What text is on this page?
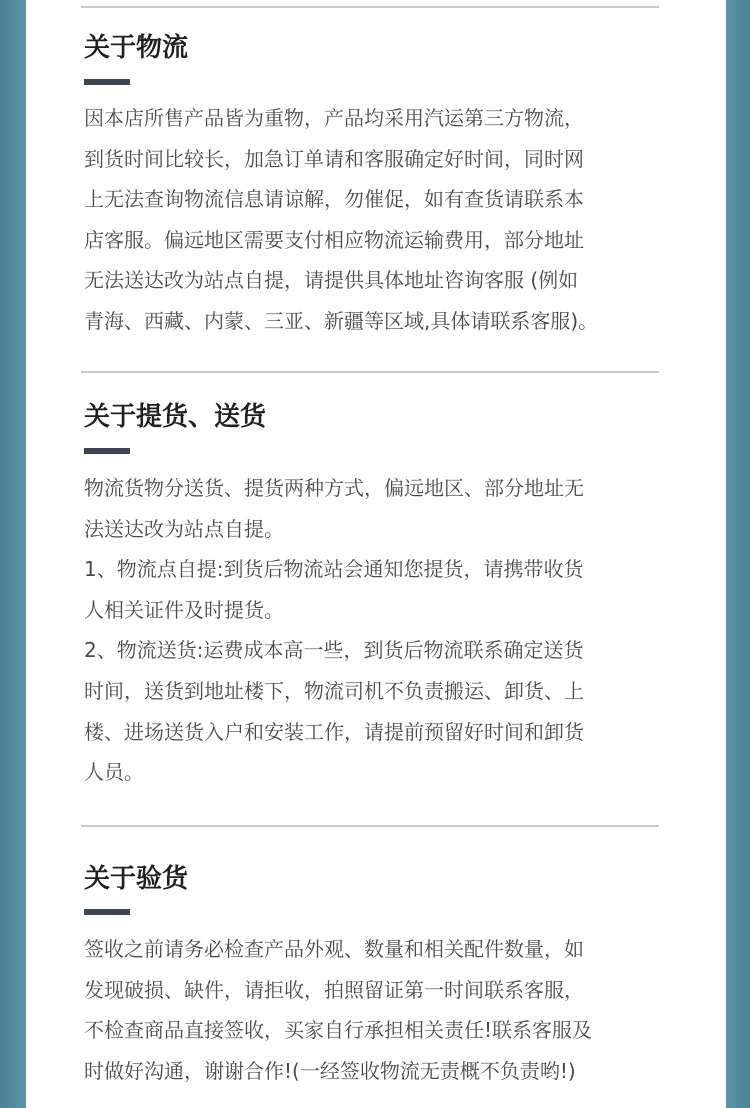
关于物流

因本店所售产品皆为重物，产品均采用汽运第三方物流，

到货时间比较长，加急订单请和客服确定好时间，同时网

上无法查询物流信息请谅解，勿催促，如有查货请联系本

店客服。偏远地区需要支付相应物流运输费用，部分地址

无法送达改为站点自提，请提供具体地址咨询客服 (例如

青海、西藏、内蒙、三亚、新疆等区域,具体请联系客服)。

关于提货、送货

物流货物分送货、提货两种方式，偏远地区、部分地址无

法送达改为站点自提。

1、物流点自提:到货后物流站会通知您提货，请携带收货

人相关证件及时提货。

2、物流送货:运费成本高一些，到货后物流联系确定送货

时间，送货到地址楼下，物流司机不负责搬运、卸货、上

楼、进场送货入户和安装工作，请提前预留好时间和卸货

人员。

关于验货

签收之前请务必检查产品外观、数量和相关配件数量，如

发现破损、缺件，请拒收，拍照留证第一时间联系客服，

不检查商品直接签收，买家自行承担相关责任!联系客服及

时做好沟通，谢谢合作!(一经签收物流无责概不负责哟!)
